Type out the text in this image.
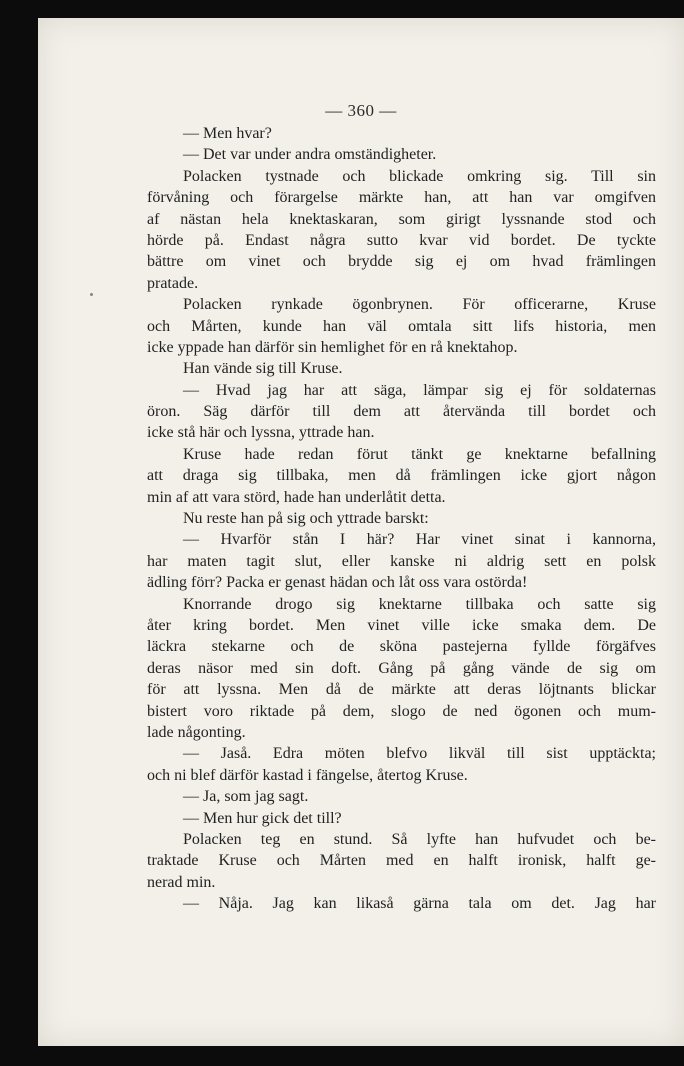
— 360 —
— Men hvar?
— Det var under andra omständigheter.
Polacken tystnade och blickade omkring sig. Till sin
förvåning och förargelse märkte han, att han var omgifven
af nästan hela knektaskaran, som girigt lyssnande stod och
hörde på. Endast några sutto kvar vid bordet. De tyckte
bättre om vinet och brydde sig ej om hvad främlingen
pratade.
Polacken rynkade ögonbrynen. För officerarne, Kruse
och Mårten, kunde han väl omtala sitt lifs historia, men
icke yppade han därför sin hemlighet för en rå knektahop.
Han vände sig till Kruse.
— Hvad jag har att säga, lämpar sig ej för soldaternas
öron. Säg därför till dem att återvända till bordet och
icke stå här och lyssna, yttrade han.
Kruse hade redan förut tänkt ge knektarne befallning
att draga sig tillbaka, men då främlingen icke gjort någon
min af att vara störd, hade han underlåtit detta.
Nu reste han på sig och yttrade barskt:
— Hvarför stån I här? Har vinet sinat i kannorna,
har maten tagit slut, eller kanske ni aldrig sett en polsk
ädling förr? Packa er genast hädan och låt oss vara ostörda!
Knorrande drogo sig knektarne tillbaka och satte sig
åter kring bordet. Men vinet ville icke smaka dem. De
läckra stekarne och de sköna pastejerna fyllde förgäfves
deras näsor med sin doft. Gång på gång vände de sig om
för att lyssna. Men då de märkte att deras löjtnants blickar
bistert voro riktade på dem, slogo de ned ögonen och mum-
lade någonting.
— Jaså. Edra möten blefvo likväl till sist upptäckta;
och ni blef därför kastad i fängelse, återtog Kruse.
— Ja, som jag sagt.
— Men hur gick det till?
Polacken teg en stund. Så lyfte han hufvudet och be-
traktade Kruse och Mårten med en halft ironisk, halft ge-
nerad min.
— Nåja. Jag kan likaså gärna tala om det. Jag har
